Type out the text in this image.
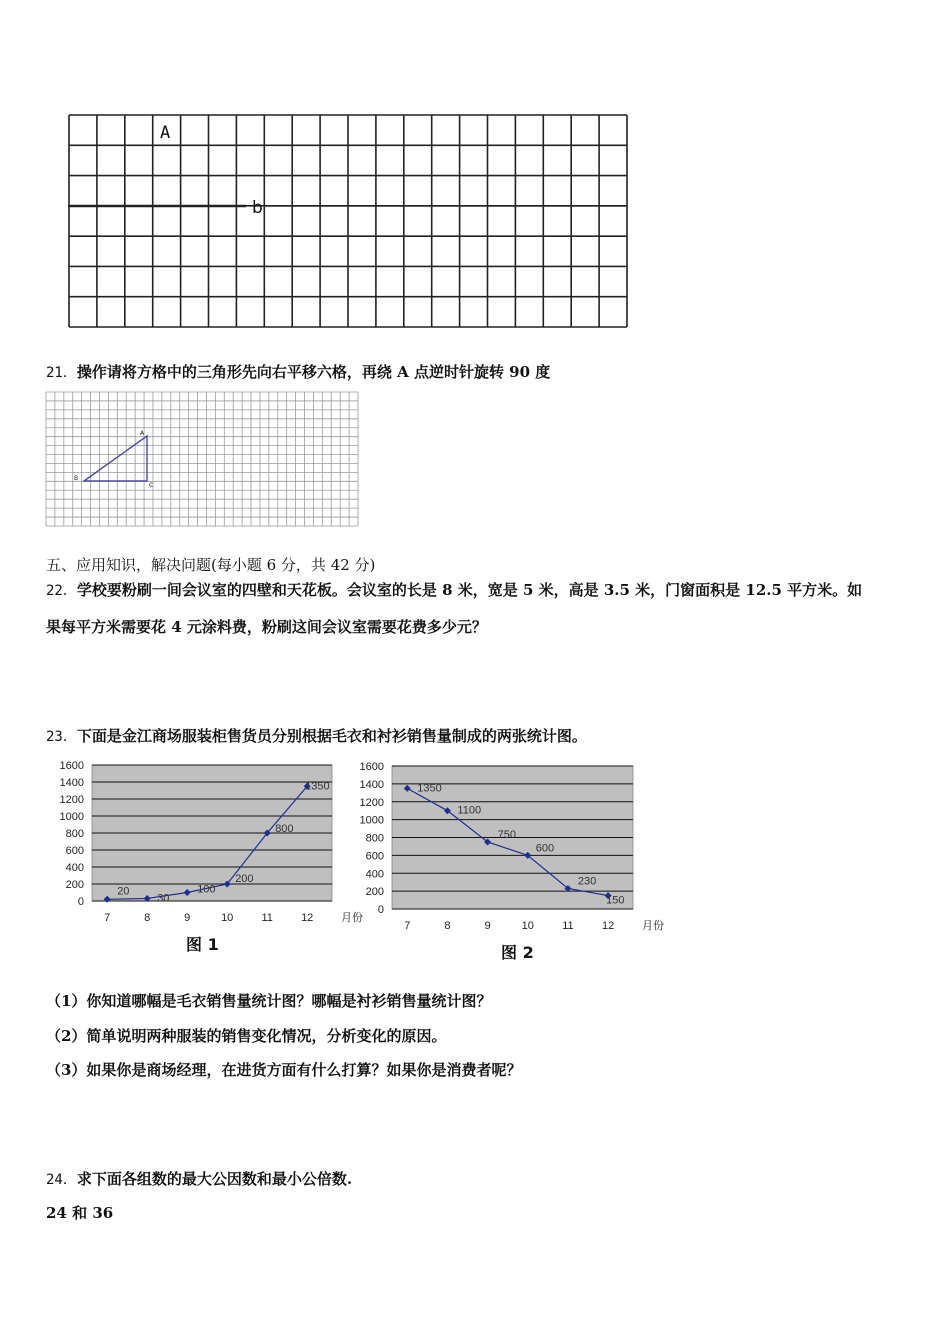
A
b
21．操作请将方格中的三角形先向右平移六格，再绕 A 点逆时针旋转 90 度
A
B
C
五、应用知识，解决问题(每小题 6 分，共 42 分)
22．学校要粉刷一间会议室的四壁和天花板。会议室的长是 8 米，宽是 5 米，高是 3.5 米，门窗面积是 12.5 平方米。如
果每平方米需要花 4 元涂料费，粉刷这间会议室需要花费多少元？
23．下面是金江商场服装柜售货员分别根据毛衣和衬衫销售量制成的两张统计图。
0
200
400
600
800
1000
1200
1400
1600
7	8	9	10	11	12	月份
20
30
100
200
800
1350
图 1
0
200
400
600
800
1000
1200
1400
1600
7	8	9	10	11	12	月份
1350
1100
750
600
230
150
图 2
（1）你知道哪幅是毛衣销售量统计图？哪幅是衬衫销售量统计图？
（2）简单说明两种服装的销售变化情况，分析变化的原因。
（3）如果你是商场经理，在进货方面有什么打算？如果你是消费者呢？
24．求下面各组数的最大公因数和最小公倍数.
24 和 36
